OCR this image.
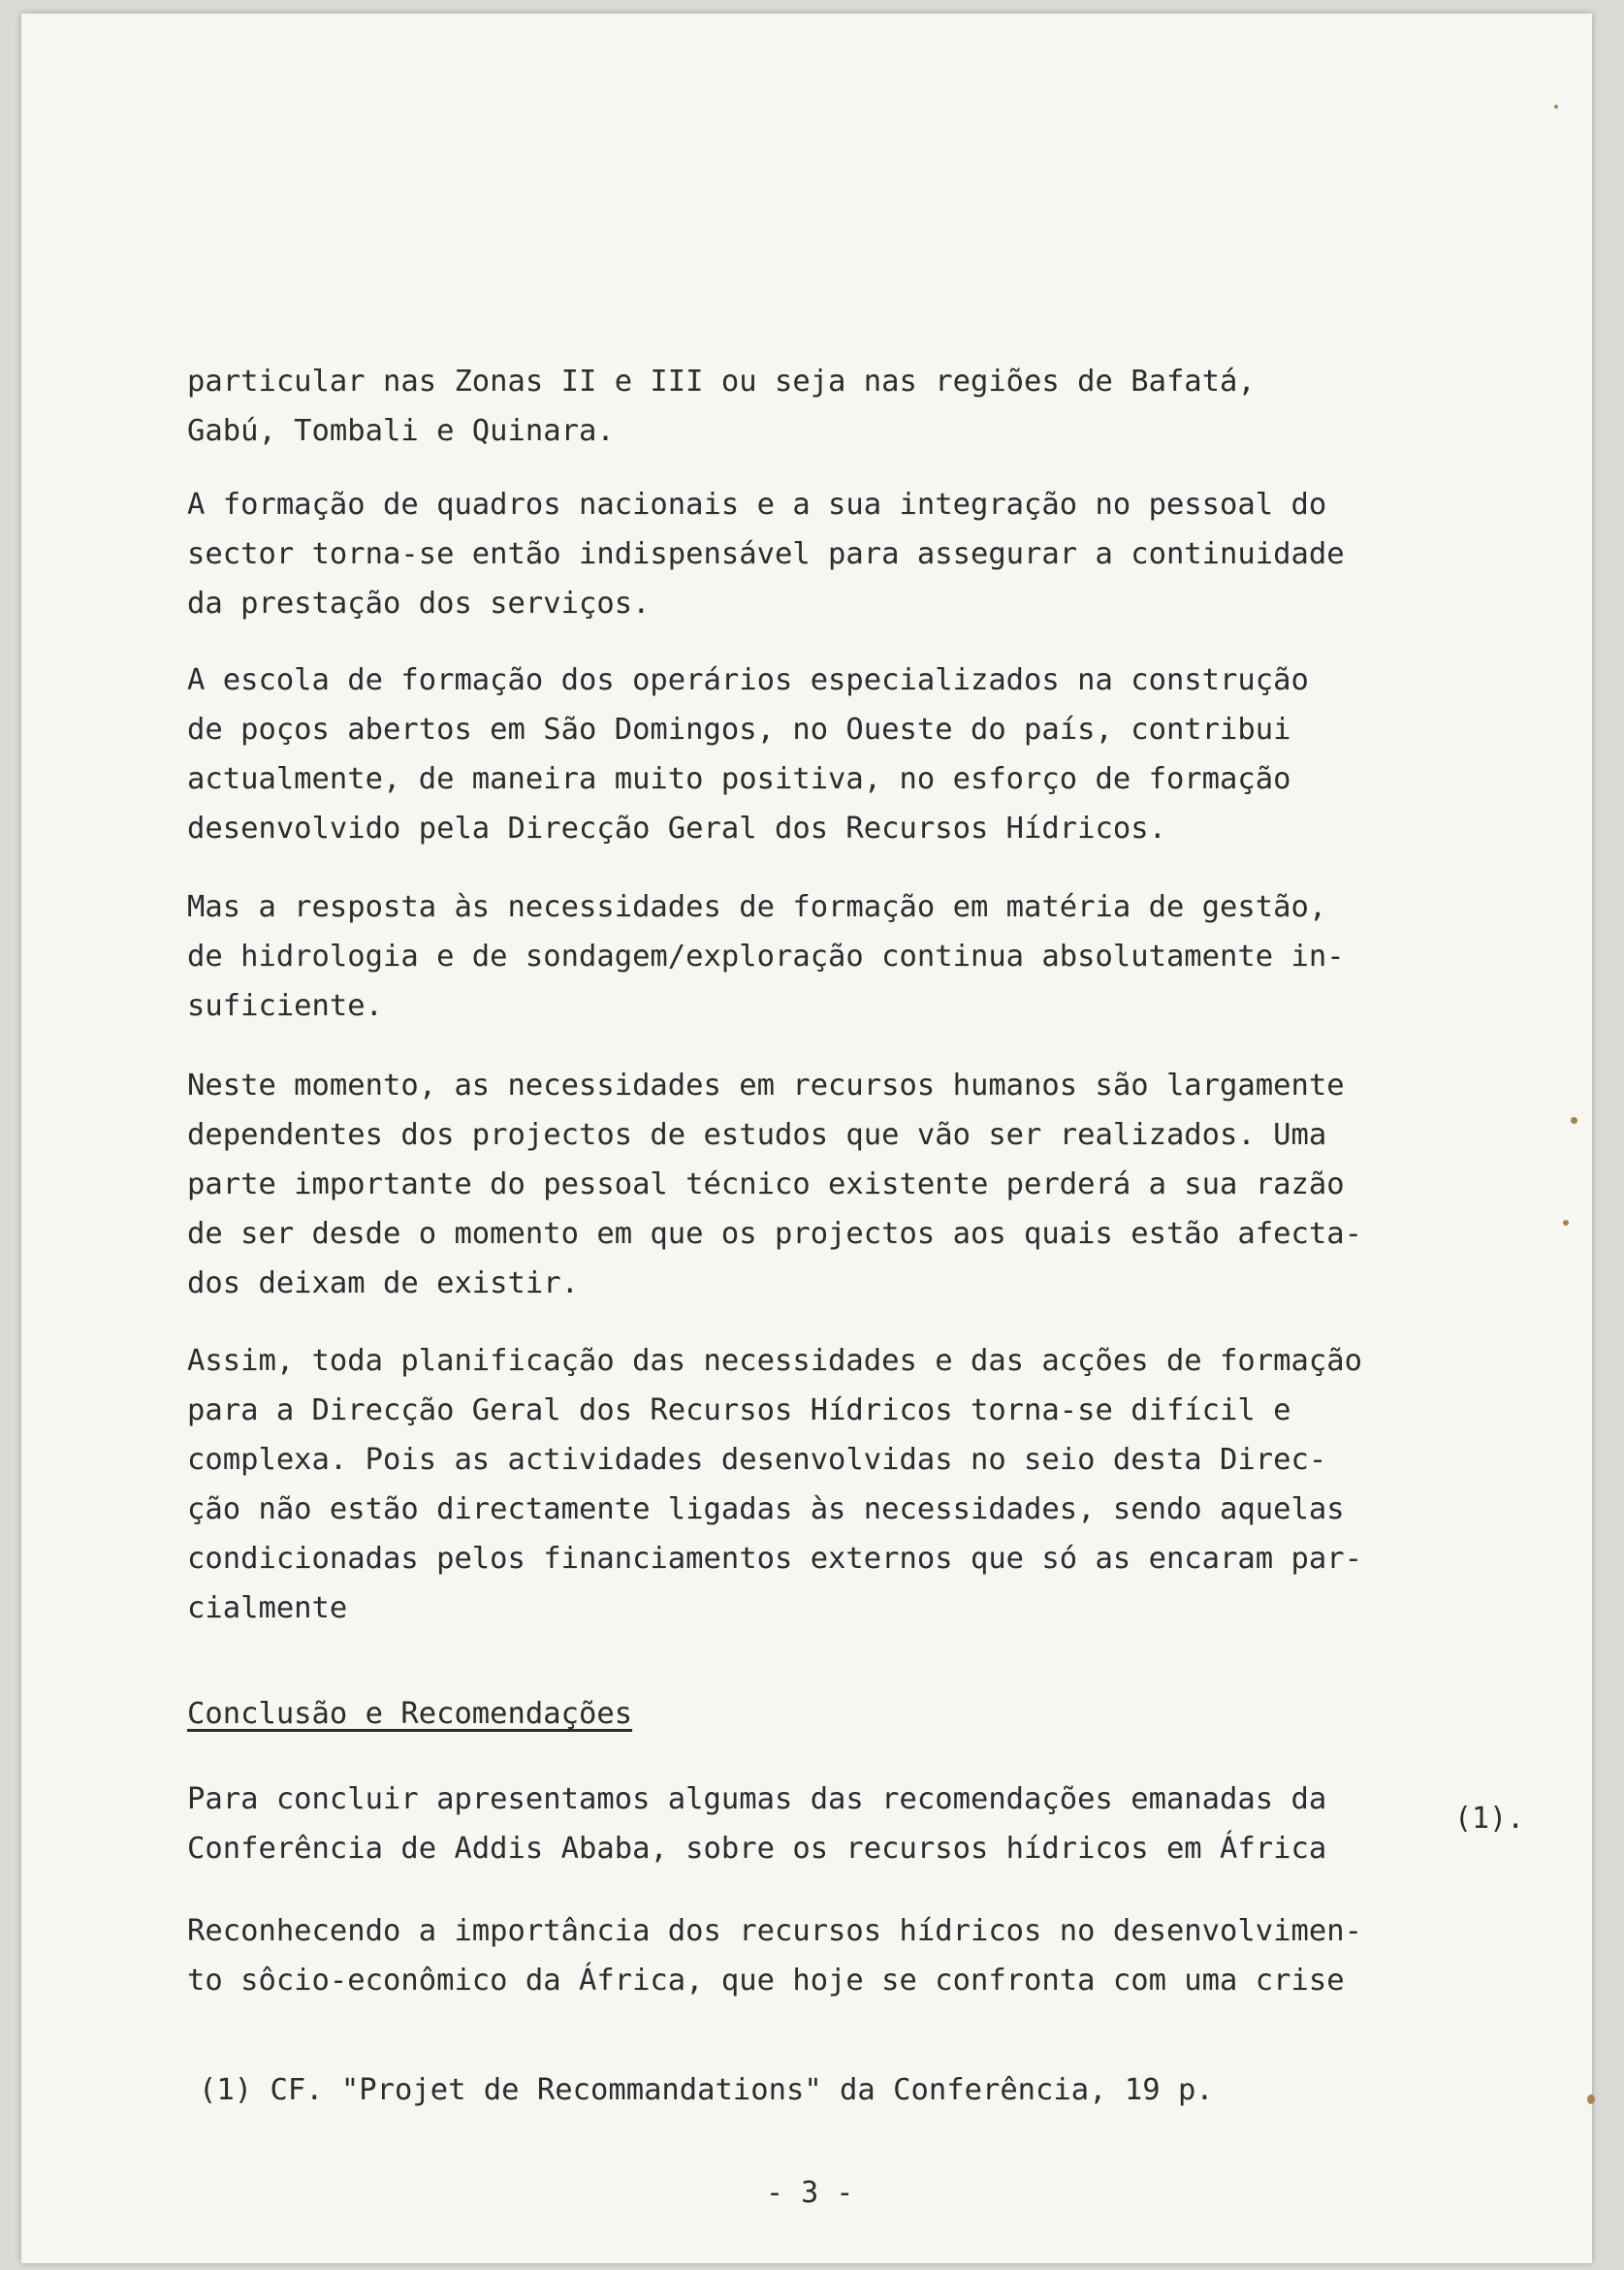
particular nas Zonas II e III ou seja nas regiões de Bafatá,
Gabú, Tombali e Quinara.
A formação de quadros nacionais e a sua integração no pessoal do
sector torna-se então indispensável para assegurar a continuidade
da prestação dos serviços.
A escola de formação dos operários especializados na construção
de poços abertos em São Domingos, no Oueste do país, contribui
actualmente, de maneira muito positiva, no esforço de formação
desenvolvido pela Direcção Geral dos Recursos Hídricos.
Mas a resposta às necessidades de formação em matéria de gestão,
de hidrologia e de sondagem/exploração continua absolutamente in-
suficiente.
Neste momento, as necessidades em recursos humanos são largamente
dependentes dos projectos de estudos que vão ser realizados. Uma
parte importante do pessoal técnico existente perderá a sua razão
de ser desde o momento em que os projectos aos quais estão afecta-
dos deixam de existir.
Assim, toda planificação das necessidades e das acções de formação
para a Direcção Geral dos Recursos Hídricos torna-se difícil e
complexa. Pois as actividades desenvolvidas no seio desta Direc-
ção não estão directamente ligadas às necessidades, sendo aquelas
condicionadas pelos financiamentos externos que só as encaram par-
cialmente
Conclusão e Recomendações
Para concluir apresentamos algumas das recomendações emanadas da
Conferência de Addis Ababa, sobre os recursos hídricos em África
(1).
Reconhecendo a importância dos recursos hídricos no desenvolvimen-
to sôcio-econômico da África, que hoje se confronta com uma crise
(1) CF. "Projet de Recommandations" da Conferência, 19 p.
- 3 -
